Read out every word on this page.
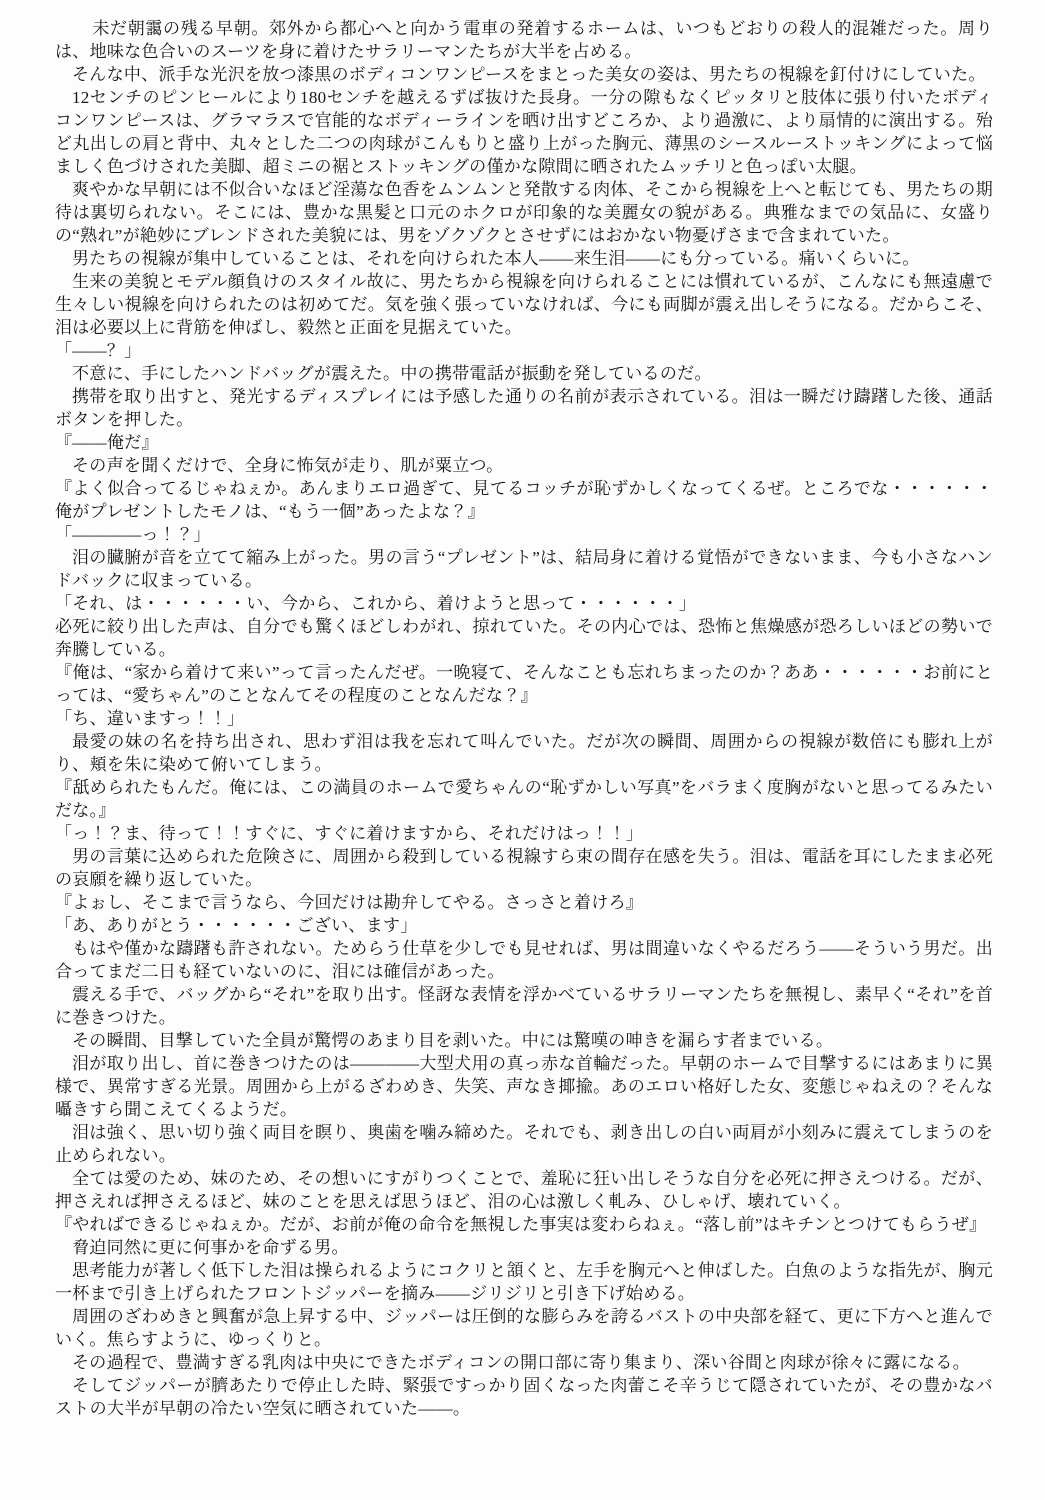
未だ朝靄の残る早朝。郊外から都心へと向かう電車の発着するホームは、いつもどおりの殺人的混雑だった。周りは、地味な色合いのスーツを身に着けたサラリーマンたちが大半を占める。

そんな中、派手な光沢を放つ漆黒のボディコンワンピースをまとった美女の姿は、男たちの視線を釘付けにしていた。

12センチのピンヒールにより180センチを越えるずば抜けた長身。一分の隙もなくピッタリと肢体に張り付いたボディコンワンピースは、グラマラスで官能的なボディーラインを晒け出すどころか、より過激に、より扇情的に演出する。殆ど丸出しの肩と背中、丸々とした二つの肉球がこんもりと盛り上がった胸元、薄黒のシースルーストッキングによって悩ましく色づけされた美脚、超ミニの裾とストッキングの僅かな隙間に晒されたムッチリと色っぽい太腿。

爽やかな早朝には不似合いなほど淫蕩な色香をムンムンと発散する肉体、そこから視線を上へと転じても、男たちの期待は裏切られない。そこには、豊かな黒髪と口元のホクロが印象的な美麗女の貌がある。典雅なまでの気品に、女盛りの“熟れ”が絶妙にブレンドされた美貌には、男をゾクゾクとさせずにはおかない物憂げさまで含まれていた。

男たちの視線が集中していることは、それを向けられた本人――来生泪――にも分っている。痛いくらいに。

生来の美貌とモデル顔負けのスタイル故に、男たちから視線を向けられることには慣れているが、こんなにも無遠慮で生々しい視線を向けられたのは初めてだ。気を強く張っていなければ、今にも両脚が震え出しそうになる。だからこそ、泪は必要以上に背筋を伸ばし、毅然と正面を見据えていた。

「――？」

不意に、手にしたハンドバッグが震えた。中の携帯電話が振動を発しているのだ。

携帯を取り出すと、発光するディスプレイには予感した通りの名前が表示されている。泪は一瞬だけ躊躇した後、通話ボタンを押した。

『――俺だ』

その声を聞くだけで、全身に怖気が走り、肌が粟立つ。

『よく似合ってるじゃねぇか。あんまりエロ過ぎて、見てるコッチが恥ずかしくなってくるぜ。ところでな・・・・・・俺がプレゼントしたモノは、“もう一個”あったよな？』

「――――っ！？」

泪の臓腑が音を立てて縮み上がった。男の言う“プレゼント”は、結局身に着ける覚悟ができないまま、今も小さなハンドバックに収まっている。

「それ、は・・・・・・い、今から、これから、着けようと思って・・・・・・」

必死に絞り出した声は、自分でも驚くほどしわがれ、掠れていた。その内心では、恐怖と焦燥感が恐ろしいほどの勢いで奔騰している。

『俺は、“家から着けて来い”って言ったんだぜ。一晩寝て、そんなことも忘れちまったのか？ああ・・・・・・お前にとっては、“愛ちゃん”のことなんてその程度のことなんだな？』

「ち、違いますっ！！」

最愛の妹の名を持ち出され、思わず泪は我を忘れて叫んでいた。だが次の瞬間、周囲からの視線が数倍にも膨れ上がり、頬を朱に染めて俯いてしまう。

『舐められたもんだ。俺には、この満員のホームで愛ちゃんの“恥ずかしい写真”をバラまく度胸がないと思ってるみたいだな。』

「っ！？ま、待って！！すぐに、すぐに着けますから、それだけはっ！！」

男の言葉に込められた危険さに、周囲から殺到している視線すら束の間存在感を失う。泪は、電話を耳にしたまま必死の哀願を繰り返していた。

『よぉし、そこまで言うなら、今回だけは勘弁してやる。さっさと着けろ』

「あ、ありがとう・・・・・・ござい、ます」

もはや僅かな躊躇も許されない。ためらう仕草を少しでも見せれば、男は間違いなくやるだろう――そういう男だ。出合ってまだ二日も経ていないのに、泪には確信があった。

震える手で、バッグから“それ”を取り出す。怪訝な表情を浮かべているサラリーマンたちを無視し、素早く“それ”を首に巻きつけた。

その瞬間、目撃していた全員が驚愕のあまり目を剥いた。中には驚嘆の呻きを漏らす者までいる。

泪が取り出し、首に巻きつけたのは――――大型犬用の真っ赤な首輪だった。早朝のホームで目撃するにはあまりに異様で、異常すぎる光景。周囲から上がるざわめき、失笑、声なき揶揄。あのエロい格好した女、変態じゃねえの？そんな囁きすら聞こえてくるようだ。

泪は強く、思い切り強く両目を瞑り、奥歯を噛み締めた。それでも、剥き出しの白い両肩が小刻みに震えてしまうのを止められない。

全ては愛のため、妹のため、その想いにすがりつくことで、羞恥に狂い出しそうな自分を必死に押さえつける。だが、押さえれば押さえるほど、妹のことを思えば思うほど、泪の心は激しく軋み、ひしゃげ、壊れていく。

『やればできるじゃねぇか。だが、お前が俺の命令を無視した事実は変わらねぇ。“落し前”はキチンとつけてもらうぜ』

脅迫同然に更に何事かを命ずる男。

思考能力が著しく低下した泪は操られるようにコクリと頷くと、左手を胸元へと伸ばした。白魚のような指先が、胸元一杯まで引き上げられたフロントジッパーを摘み――ジリジリと引き下げ始める。

周囲のざわめきと興奮が急上昇する中、ジッパーは圧倒的な膨らみを誇るバストの中央部を経て、更に下方へと進んでいく。焦らすように、ゆっくりと。

その過程で、豊満すぎる乳肉は中央にできたボディコンの開口部に寄り集まり、深い谷間と肉球が徐々に露になる。

そしてジッパーが臍あたりで停止した時、緊張ですっかり固くなった肉蕾こそ辛うじて隠されていたが、その豊かなバストの大半が早朝の冷たい空気に晒されていた――。
